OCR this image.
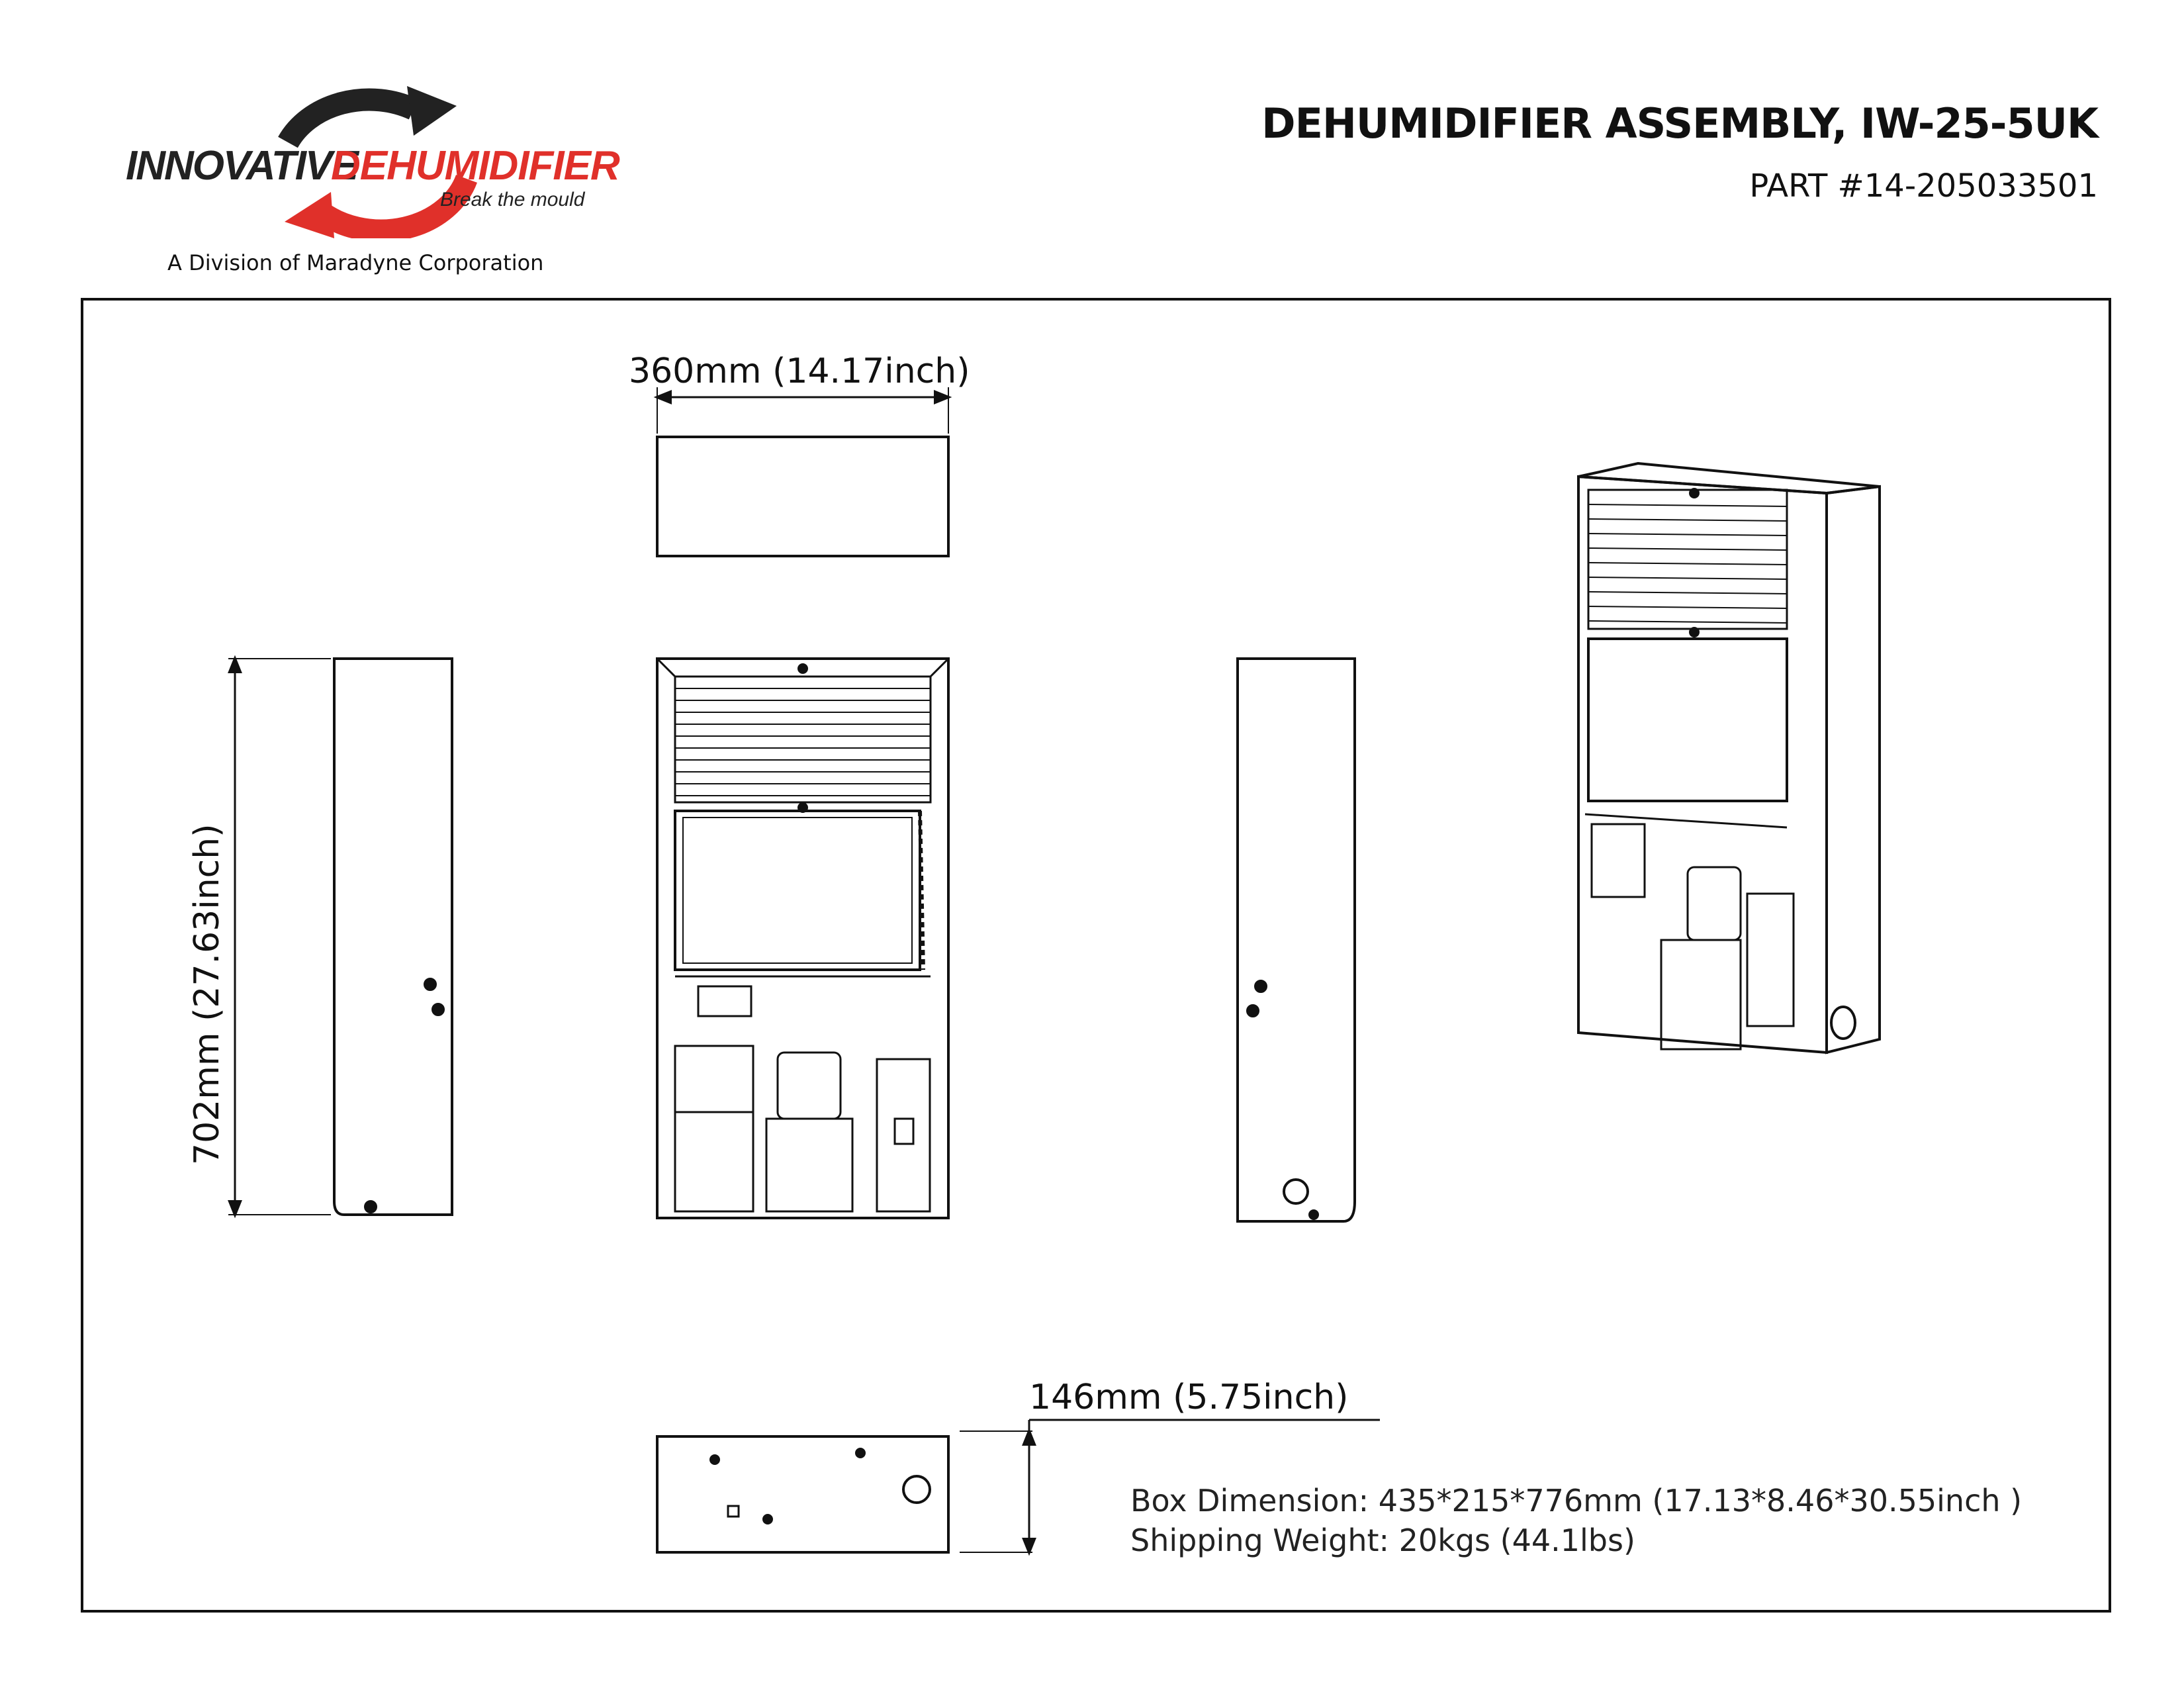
INNOVATIVE
DEHUMIDIFIER
Break the mould
A Division of Maradyne Corporation
DEHUMIDIFIER ASSEMBLY, IW-25-5UK
PART #14-205033501
360mm (14.17inch)
146mm (5.75inch)
702mm (27.63inch)
Box Dimension: 435*215*776mm (17.13*8.46*30.55inch )
Shipping Weight: 20kgs (44.1lbs)
